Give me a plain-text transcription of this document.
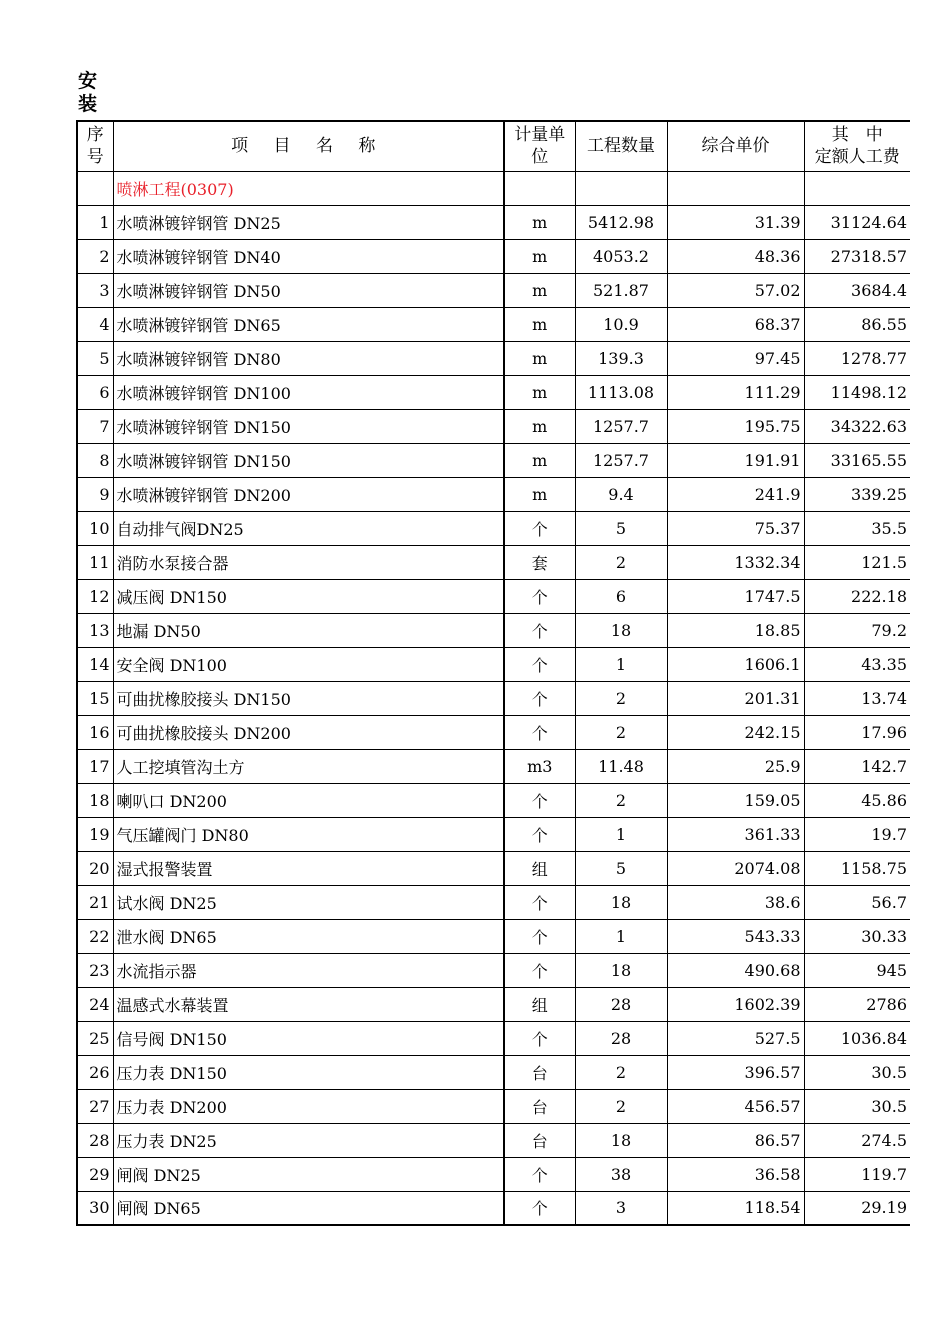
安装
序号	项 目 名 称	计量单位	工程数量	综合单价	其　中
定额人工费

	喷淋工程(0307)				
1	水喷淋镀锌钢管 DN25	m	5412.98	31.39	31124.64
2	水喷淋镀锌钢管 DN40	m	4053.2	48.36	27318.57
3	水喷淋镀锌钢管 DN50	m	521.87	57.02	3684.4
4	水喷淋镀锌钢管 DN65	m	10.9	68.37	86.55
5	水喷淋镀锌钢管 DN80	m	139.3	97.45	1278.77
6	水喷淋镀锌钢管 DN100	m	1113.08	111.29	11498.12
7	水喷淋镀锌钢管 DN150	m	1257.7	195.75	34322.63
8	水喷淋镀锌钢管 DN150	m	1257.7	191.91	33165.55
9	水喷淋镀锌钢管 DN200	m	9.4	241.9	339.25
10	自动排气阀DN25	个	5	75.37	35.5
11	消防水泵接合器	套	2	1332.34	121.5
12	减压阀 DN150	个	6	1747.5	222.18
13	地漏 DN50	个	18	18.85	79.2
14	安全阀 DN100	个	1	1606.1	43.35
15	可曲扰橡胶接头 DN150	个	2	201.31	13.74
16	可曲扰橡胶接头 DN200	个	2	242.15	17.96
17	人工挖填管沟土方	m3	11.48	25.9	142.7
18	喇叭口 DN200	个	2	159.05	45.86
19	气压罐阀门 DN80	个	1	361.33	19.7
20	湿式报警装置	组	5	2074.08	1158.75
21	试水阀 DN25	个	18	38.6	56.7
22	泄水阀 DN65	个	1	543.33	30.33
23	水流指示器	个	18	490.68	945
24	温感式水幕装置	组	28	1602.39	2786
25	信号阀 DN150	个	28	527.5	1036.84
26	压力表 DN150	台	2	396.57	30.5
27	压力表 DN200	台	2	456.57	30.5
28	压力表 DN25	台	18	86.57	274.5
29	闸阀 DN25	个	38	36.58	119.7
30	闸阀 DN65	个	3	118.54	29.19
